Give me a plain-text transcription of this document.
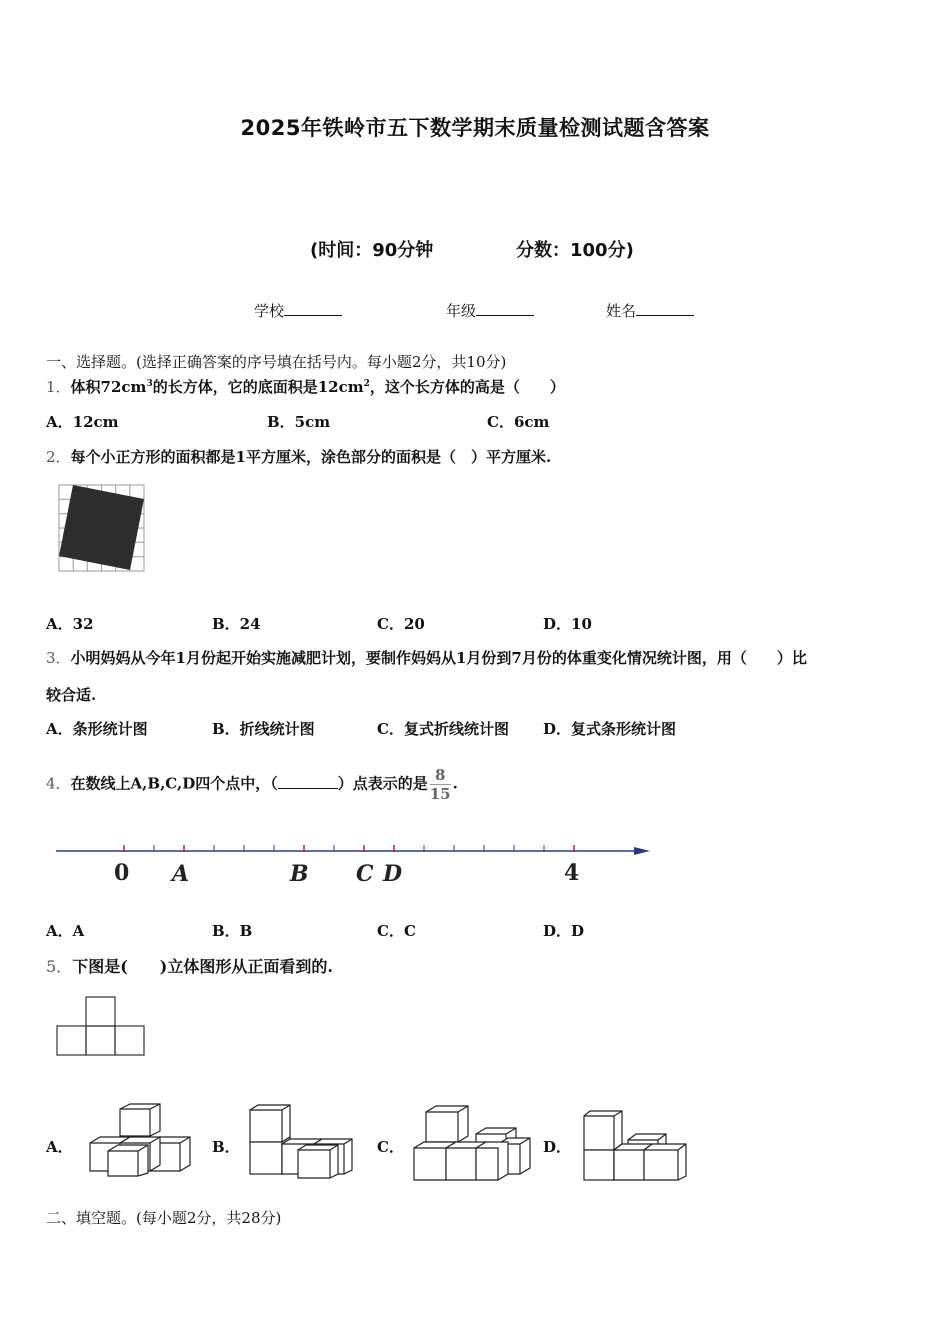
2025年铁岭市五下数学期末质量检测试题含答案
(时间：90分钟	分数：100分)
学校	年级	姓名
一、选择题。(选择正确答案的序号填在括号内。每小题2分，共10分)
1．体积$72cm^3$的长方体，它的底面积是$12cm^2$，这个长方体的高是（　　）
A．12cm	B．5cm	C．6cm
2．每个小正方形的面积都是1平方厘米，涂色部分的面积是（　）平方厘米.
A．32	B．24	C．20	D．10
3．小明妈妈从今年1月份起开始实施减肥计划，要制作妈妈从1月份到7月份的体重变化情况统计图，用（　　）比
较合适.
A．条形统计图	B．折线统计图	C．复式折线统计图 D．复式条形统计图
4．在数线上A,B,C,D四个点中，（	）点表示的是 $\frac{8}{15}$ .
0 A	B C D	4
A．A	B．B	C．C	D．D
5．下图是(　　)立体图形从正面看到的.
A．	B．	C．	D．
二、填空题。(每小题2分，共28分)
